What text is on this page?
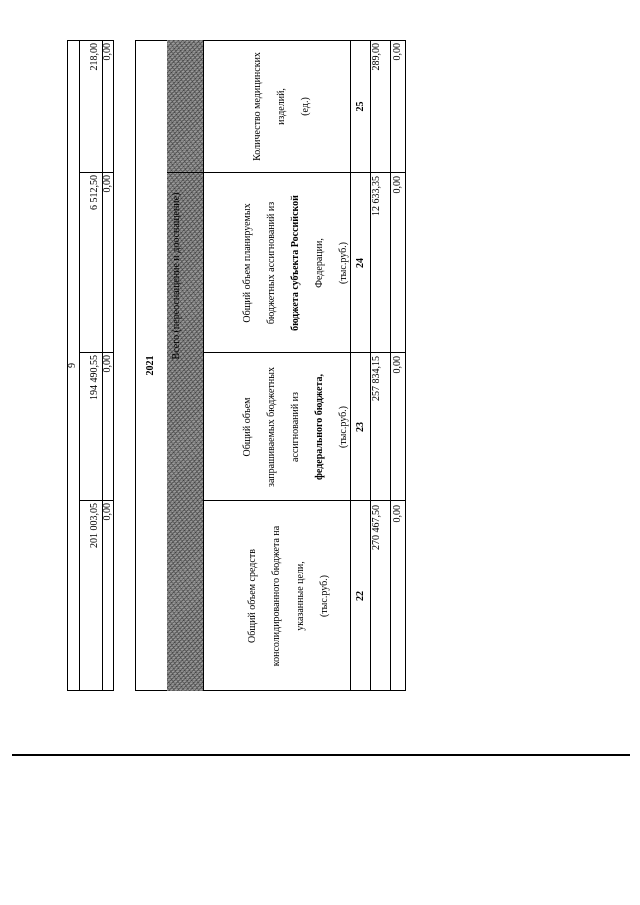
9
201 003,05
194 490,55
6 512,50
218,00
0,00
0,00
0,00
0,00
2021
Всего (переоснащение и дооснащение)

Общий объем средств консолидированного бюджета на указанные цели, (тыс.руб.)

Общий объем запрашиваемых бюджетных ассигнований из федерального бюджета, (тыс.руб.)

Общий объем планируемых бюджетных ассигнований из бюджета субъекта Российской Федерации, (тыс.руб.)

Количество медицинских изделий, (ед.)

22
23
24
25
270 467,50
257 834,15
12 633,35
289,00
0,00
0,00
0,00
0,00
